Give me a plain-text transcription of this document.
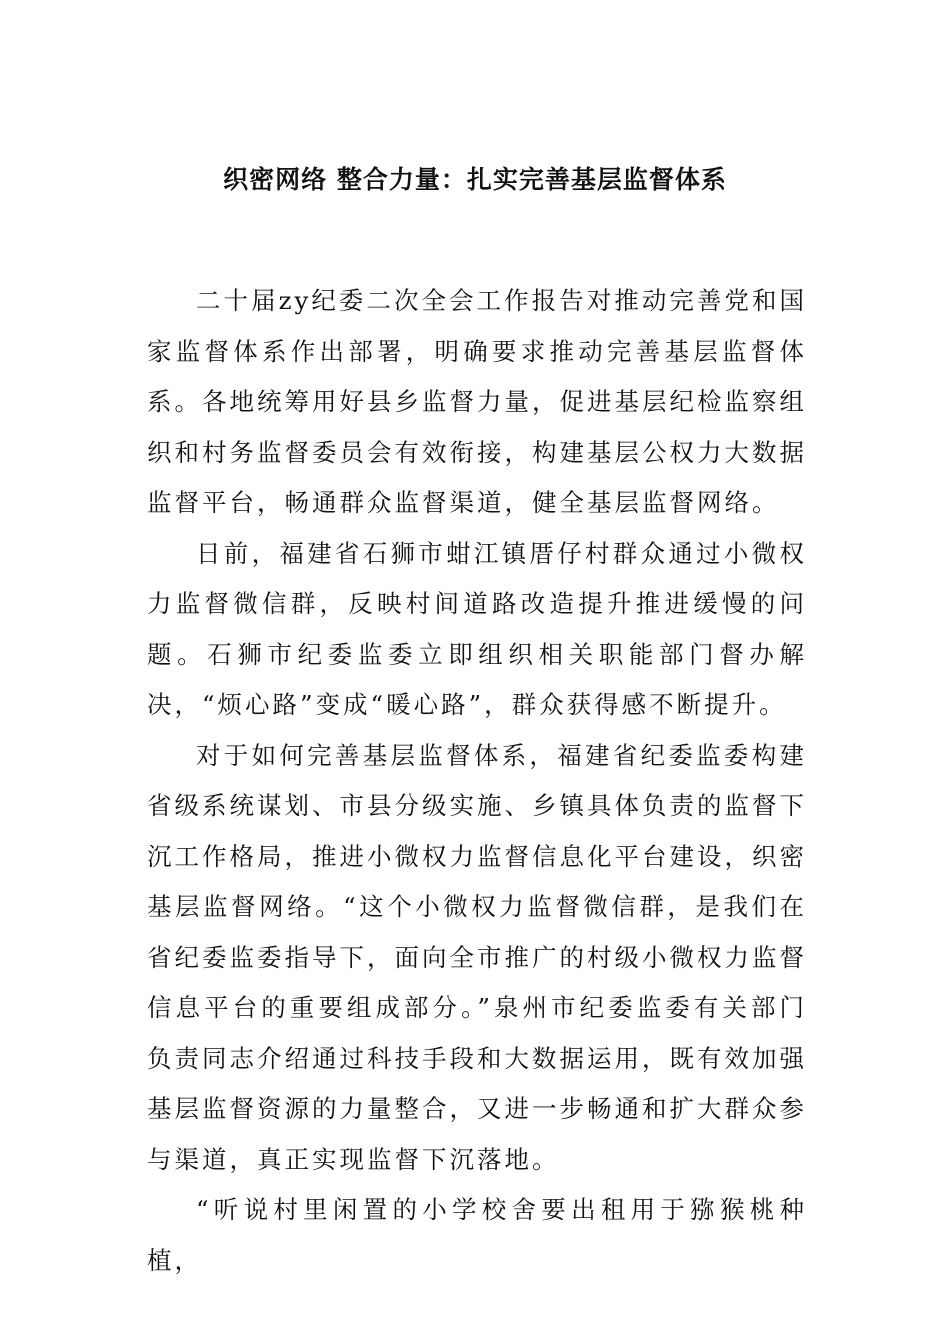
织密网络 整合力量：扎实完善基层监督体系

二十届zy纪委二次全会工作报告对推动完善党和国家监督体系作出部署，明确要求推动完善基层监督体系。各地统筹用好县乡监督力量，促进基层纪检监察组织和村务监督委员会有效衔接，构建基层公权力大数据监督平台，畅通群众监督渠道，健全基层监督网络。

日前，福建省石狮市蚶江镇厝仔村群众通过小微权力监督微信群，反映村间道路改造提升推进缓慢的问题。石狮市纪委监委立即组织相关职能部门督办解决，“烦心路”变成“暖心路”，群众获得感不断提升。

对于如何完善基层监督体系，福建省纪委监委构建省级系统谋划、市县分级实施、乡镇具体负责的监督下沉工作格局，推进小微权力监督信息化平台建设，织密基层监督网络。“这个小微权力监督微信群，是我们在省纪委监委指导下，面向全市推广的村级小微权力监督信息平台的重要组成部分。”泉州市纪委监委有关部门负责同志介绍通过科技手段和大数据运用，既有效加强基层监督资源的力量整合，又进一步畅通和扩大群众参与渠道，真正实现监督下沉落地。

“听说村里闲置的小学校舍要出租用于猕猴桃种植，
